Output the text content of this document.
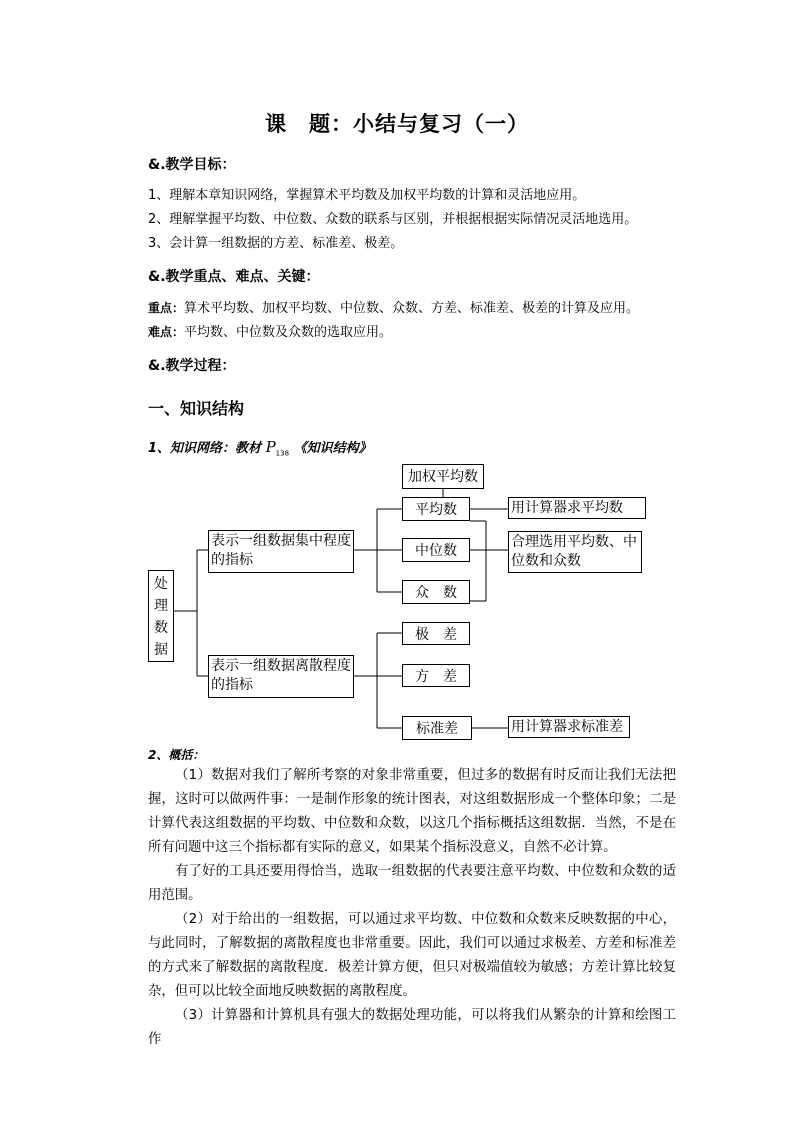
课　题：小结与复习（一）
&.教学目标：
1、理解本章知识网络，掌握算术平均数及加权平均数的计算和灵活地应用。
2、理解掌握平均数、中位数、众数的联系与区别，并根据根据实际情况灵活地选用。
3、会计算一组数据的方差、标准差、极差。
&.教学重点、难点、关键：
重点：算术平均数、加权平均数、中位数、众数、方差、标准差、极差的计算及应用。
难点：平均数、中位数及众数的选取应用。
&.教学过程：
一、知识结构
1、知识网络：教材 $P_{138}$ 《知识结构》
处
理
数
据
表示一组数据集中程度的指标
表示一组数据离散程度的指标
加权平均数
平均数
中位数
众　数
极　差
方　差
标准差
用计算器求平均数
合理选用平均数、中位数和众数
用计算器求标准差
2、概括：
（1）数据对我们了解所考察的对象非常重要，但过多的数据有时反而让我们无法把握，这时可以做两件事：一是制作形象的统计图表，对这组数据形成一个整体印象；二是计算代表这组数据的平均数、中位数和众数，以这几个指标概括这组数据．当然，不是在所有问题中这三个指标都有实际的意义，如果某个指标没意义，自然不必计算。
有了好的工具还要用得恰当，选取一组数据的代表要注意平均数、中位数和众数的适用范围。
（2）对于给出的一组数据，可以通过求平均数、中位数和众数来反映数据的中心，与此同时，了解数据的离散程度也非常重要。因此，我们可以通过求极差、方差和标准差的方式来了解数据的离散程度．极差计算方便，但只对极端值较为敏感；方差计算比较复杂，但可以比较全面地反映数据的离散程度。
（3）计算器和计算机具有强大的数据处理功能，可以将我们从繁杂的计算和绘图工作
